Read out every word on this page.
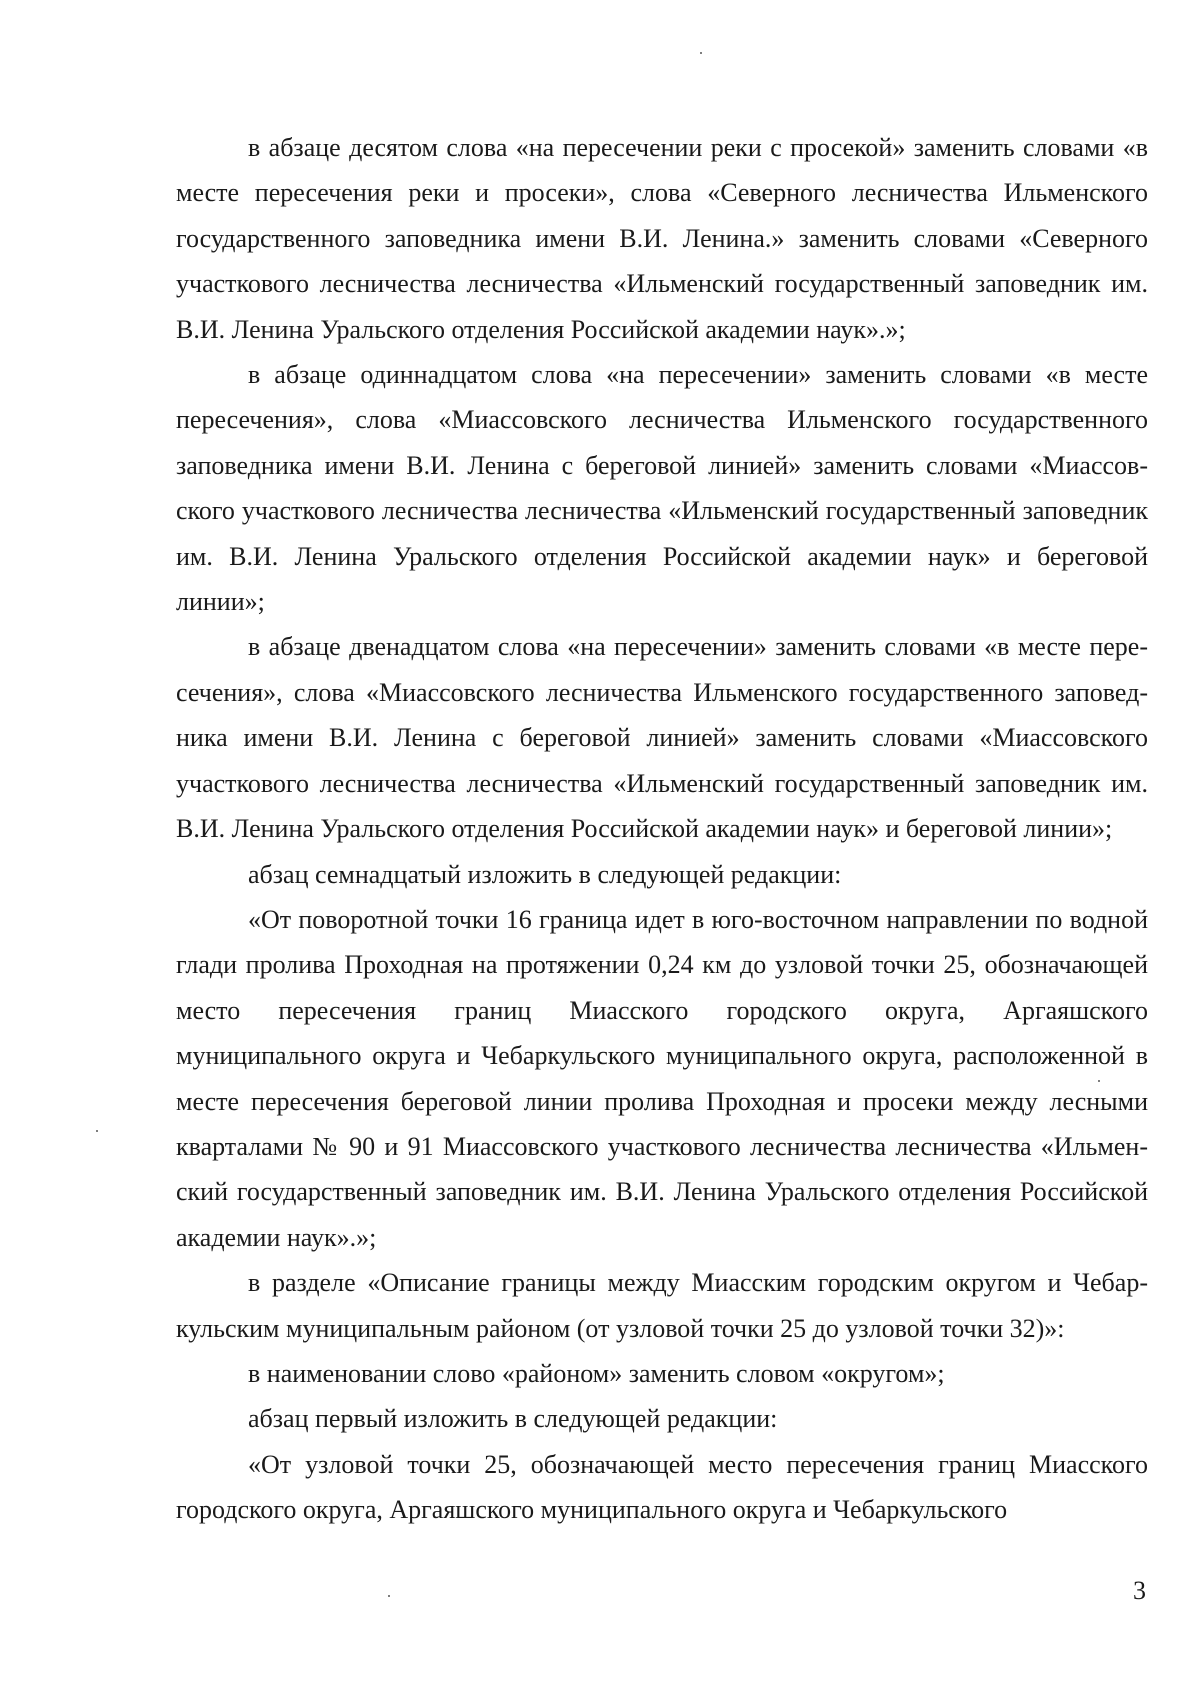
в абзаце десятом слова «на пересечении реки с просекой» заменить словами «в месте пересечения реки и просеки», слова «Северного лесничества Ильменского государственного заповедника имени В.И. Ленина.» заменить словами «Северного участкового лесничества лесничества «Ильменский государственный заповедник им. В.И. Ленина Уральского отделения Российской академии наук».»;

в абзаце одиннадцатом слова «на пересечении» заменить словами «в месте пересечения», слова «Миассовского лесничества Ильменского государственного заповедника имени В.И. Ленина с береговой линией» заменить словами «Миассовского участкового лесничества лесничества «Ильменский государственный заповедник им. В.И. Ленина Уральского отделения Российской академии наук» и береговой линии»;

в абзаце двенадцатом слова «на пересечении» заменить словами «в месте пересечения», слова «Миассовского лесничества Ильменского государственного заповедника имени В.И. Ленина с береговой линией» заменить словами «Миассовского участкового лесничества лесничества «Ильменский государственный заповедник им. В.И. Ленина Уральского отделения Российской академии наук» и береговой линии»;

абзац семнадцатый изложить в следующей редакции:

«От поворотной точки 16 граница идет в юго-восточном направлении по водной глади пролива Проходная на протяжении 0,24 км до узловой точки 25, обозначающей место пересечения границ Миасского городского округа, Аргаяшского муниципального округа и Чебаркульского муниципального округа, расположенной в месте пересечения береговой линии пролива Проходная и просеки между лесными кварталами № 90 и 91 Миассовского участкового лесничества лесничества «Ильменский государственный заповедник им. В.И. Ленина Уральского отделения Российской академии наук».»;

в разделе «Описание границы между Миасским городским округом и Чебаркульским муниципальным районом (от узловой точки 25 до узловой точки 32)»:

в наименовании слово «районом» заменить словом «округом»;

абзац первый изложить в следующей редакции:

«От узловой точки 25, обозначающей место пересечения границ Миасского городского округа, Аргаяшского муниципального округа и Чебаркульского

3
